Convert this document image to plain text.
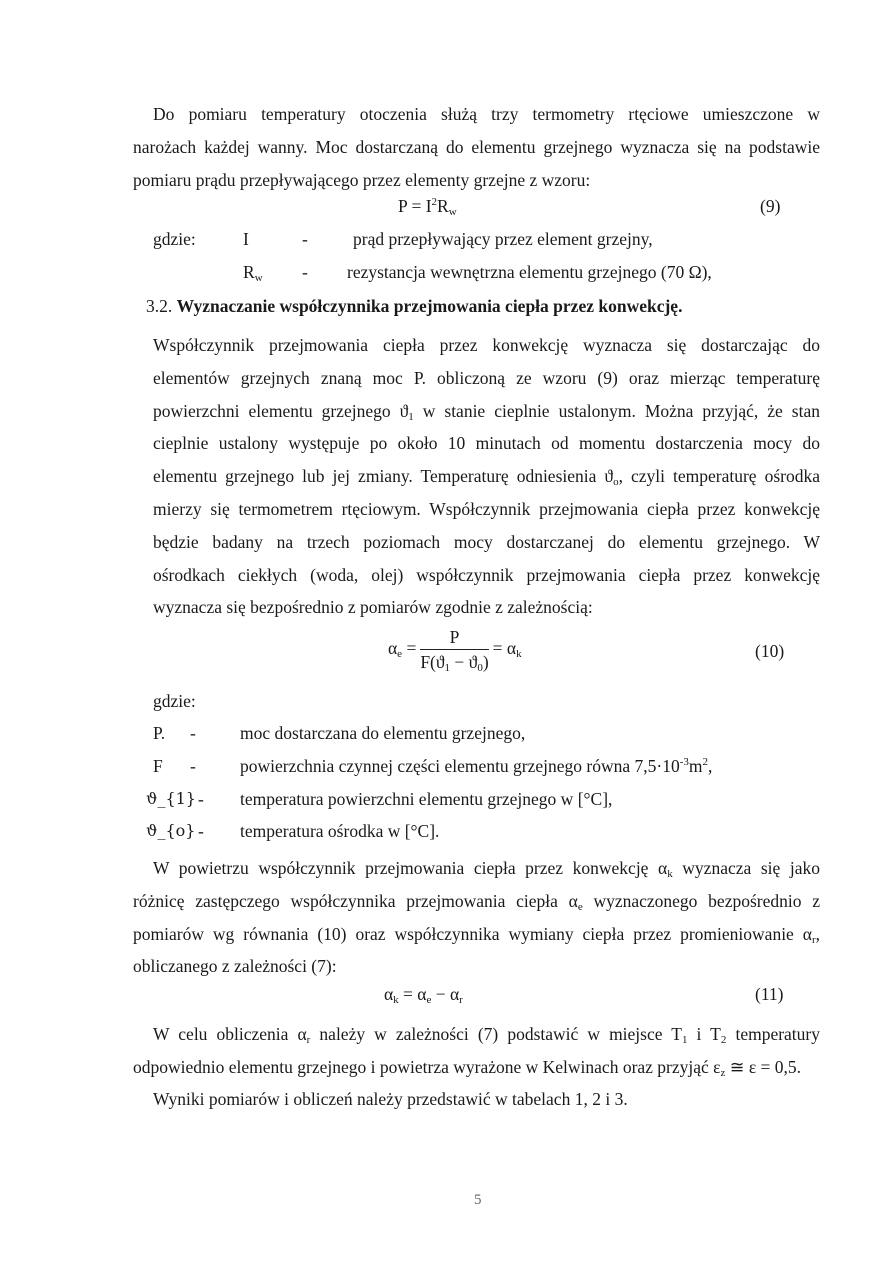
Do pomiaru temperatury otoczenia służą trzy termometry rtęciowe umieszczone w
narożach każdej wanny. Moc dostarczaną do elementu grzejnego wyznacza się na podstawie
pomiaru prądu przepływającego przez elementy grzejne z wzoru:
$P = I^2R_w$	(9)
gdzie:	I	-	prąd przepływający przez element grzejny,
$R_w$ - rezystancja wewnętrzna elementu grzejnego (70 Ω),
3.2. Wyznaczanie współczynnika przejmowania ciepła przez konwekcję.
Współczynnik przejmowania ciepła przez konwekcję wyznacza się dostarczając do
elementów grzejnych znaną moc P. obliczoną ze wzoru (9) oraz mierząc temperaturę
powierzchni elementu grzejnego $ϑ_1$ w stanie cieplnie ustalonym. Można przyjąć, że stan
cieplnie ustalony występuje po około 10 minutach od momentu dostarczenia mocy do
elementu grzejnego lub jej zmiany. Temperaturę odniesienia $ϑ_o$, czyli temperaturę ośrodka
mierzy się termometrem rtęciowym. Współczynnik przejmowania ciepła przez konwekcję
będzie badany na trzech poziomach mocy dostarczanej do elementu grzejnego. W
ośrodkach ciekłych (woda, olej) współczynnik przejmowania ciepła przez konwekcję
wyznacza się bezpośrednio z pomiarów zgodnie z zależnością:
$\alpha_e = \frac{P}{F(ϑ_1 - ϑ_0)} = \alpha_k$	(10)
gdzie:
P. -	moc dostarczana do elementu grzejnego,
F -	powierzchnia czynnej części elementu grzejnego równa $7,5\cdot 10^{-3}m^2$,
ϑ_{1} - temperatura powierzchni elementu grzejnego w [°C],
ϑ_{o} - temperatura ośrodka w [°C].
W powietrzu współczynnik przejmowania ciepła przez konwekcję $\alpha_k$ wyznacza się jako
różnicę zastępczego współczynnika przejmowania ciepła $\alpha_e$ wyznaczonego bezpośrednio z
pomiarów wg równania (10) oraz współczynnika wymiany ciepła przez promieniowanie $\alpha_r$,
obliczanego z zależności (7):
$\alpha_k = \alpha_e - \alpha_r$	(11)
W celu obliczenia $\alpha_r$ należy w zależności (7) podstawić w miejsce $T_1$ i $T_2$ temperatury
odpowiednio elementu grzejnego i powietrza wyrażone w Kelwinach oraz przyjąć $\varepsilon_z$ ≅ ε = 0,5.
Wyniki pomiarów i obliczeń należy przedstawić w tabelach 1, 2 i 3.
5
